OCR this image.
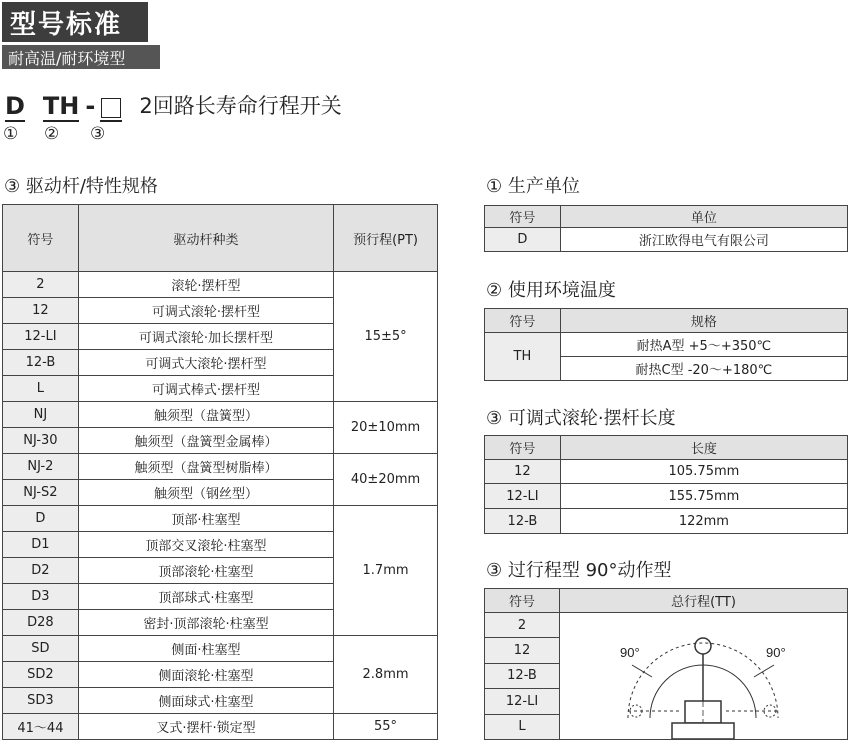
型号标准
耐高温/耐环境型
D TH - 2回路长寿命行程开关
① ② ③
③ 驱动杆/特性规格
符号	驱动杆种类	预行程(PT)
2	滚轮·摆杆型	15±5°
12	可调式滚轮·摆杆型	
12-LI	可调式滚轮·加长摆杆型	
12-B	可调式大滚轮·摆杆型	
L	可调式棒式·摆杆型	
NJ	触须型（盘簧型）	20±10mm
NJ-30	触须型（盘簧型金属棒）	
NJ-2	触须型（盘簧型树脂棒）	40±20mm
NJ-S2	触须型（钢丝型）	
D	顶部·柱塞型	1.7mm
D1	顶部交叉滚轮·柱塞型	
D2	顶部滚轮·柱塞型	
D3	顶部球式·柱塞型	
D28	密封·顶部滚轮·柱塞型	
SD	侧面·柱塞型	2.8mm
SD2	侧面滚轮·柱塞型	
SD3	侧面球式·柱塞型	
41～44	叉式·摆杆·锁定型	55°
① 生产单位
符号	单位
D	浙江欧得电气有限公司
② 使用环境温度
符号	规格
TH	耐热A型 +5～+350℃
	耐热C型 -20～+180℃
③ 可调式滚轮·摆杆长度
符号	长度
12	105.75mm
12-LI	155.75mm
12-B	122mm
③ 过行程型 90°动作型
符号	总行程(TT)
2	90° 90°

12	
12-B	
12-LI	
L	
